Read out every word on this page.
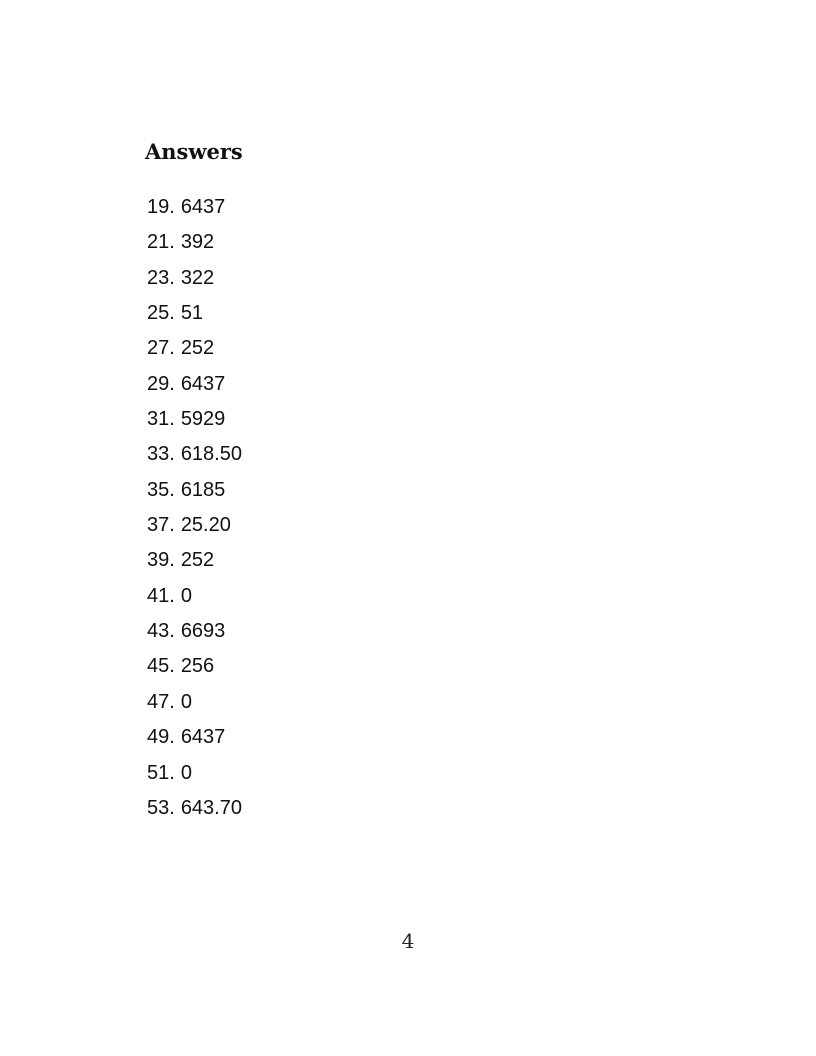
Answers
19. 6437
21. 392
23. 322
25. 51
27. 252
29. 6437
31. 5929
33. 618.50
35. 6185
37. 25.20
39. 252
41. 0
43. 6693
45. 256
47. 0
49. 6437
51. 0
53. 643.70
4
